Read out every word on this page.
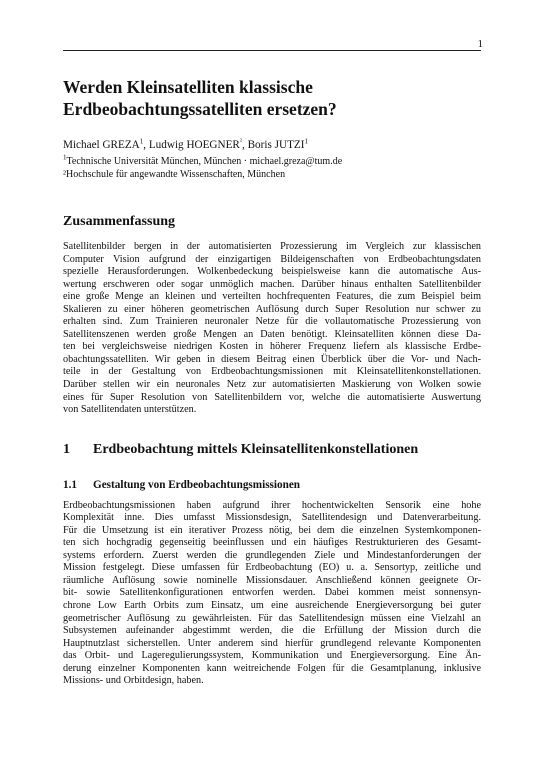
1
Werden Kleinsatelliten klassische
Erdbeobachtungssatelliten ersetzen?
Michael GREZA$^1$, Ludwig $HOEGNER^{^2}$, Boris JUTZI$^1$
$^1$Technische Universität München, München · michael.greza@tum.de
²Hochschule für angewandte Wissenschaften, München
Zusammenfassung
Satellitenbilder bergen in der automatisierten Prozessierung im Vergleich zur klassischen
Computer Vision aufgrund der einzigartigen Bildeigenschaften von Erdbeobachtungsdaten
spezielle Herausforderungen. Wolkenbedeckung beispielsweise kann die automatische Aus-
wertung erschweren oder sogar unmöglich machen. Darüber hinaus enthalten Satellitenbilder
eine große Menge an kleinen und verteilten hochfrequenten Features, die zum Beispiel beim
Skalieren zu einer höheren geometrischen Auflösung durch Super Resolution nur schwer zu
erhalten sind. Zum Trainieren neuronaler Netze für die vollautomatische Prozessierung von
Satellitenszenen werden große Mengen an Daten benötigt. Kleinsatelliten können diese Da-
ten bei vergleichsweise niedrigen Kosten in höherer Frequenz liefern als klassische Erdbe-
obachtungssatelliten. Wir geben in diesem Beitrag einen Überblick über die Vor- und Nach-
teile in der Gestaltung von Erdbeobachtungsmissionen mit Kleinsatellitenkonstellationen.
Darüber stellen wir ein neuronales Netz zur automatisierten Maskierung von Wolken sowie
eines für Super Resolution von Satellitenbildern vor, welche die automatisierte Auswertung
von Satellitendaten unterstützen.
1	Erdbeobachtung mittels Kleinsatellitenkonstellationen
1.1	Gestaltung von Erdbeobachtungsmissionen
Erdbeobachtungsmissionen haben aufgrund ihrer hochentwickelten Sensorik eine hohe
Komplexität inne. Dies umfasst Missionsdesign, Satellitendesign und Datenverarbeitung.
Für die Umsetzung ist ein iterativer Prozess nötig, bei dem die einzelnen Systemkomponen-
ten sich hochgradig gegenseitig beeinflussen und ein häufiges Restrukturieren des Gesamt-
systems erfordern. Zuerst werden die grundlegenden Ziele und Mindestanforderungen der
Mission festgelegt. Diese umfassen für Erdbeobachtung (EO) u. a. Sensortyp, zeitliche und
räumliche Auflösung sowie nominelle Missionsdauer. Anschließend können geeignete Or-
bit- sowie Satellitenkonfigurationen entworfen werden. Dabei kommen meist sonnensyn-
chrone Low Earth Orbits zum Einsatz, um eine ausreichende Energieversorgung bei guter
geometrischer Auflösung zu gewährleisten. Für das Satellitendesign müssen eine Vielzahl an
Subsystemen aufeinander abgestimmt werden, die die Erfüllung der Mission durch die
Hauptnutzlast sicherstellen. Unter anderem sind hierfür grundlegend relevante Komponenten
das Orbit- und Lageregulierungssystem, Kommunikation und Energieversorgung. Eine Än-
derung einzelner Komponenten kann weitreichende Folgen für die Gesamtplanung, inklusive
Missions- und Orbitdesign, haben.
